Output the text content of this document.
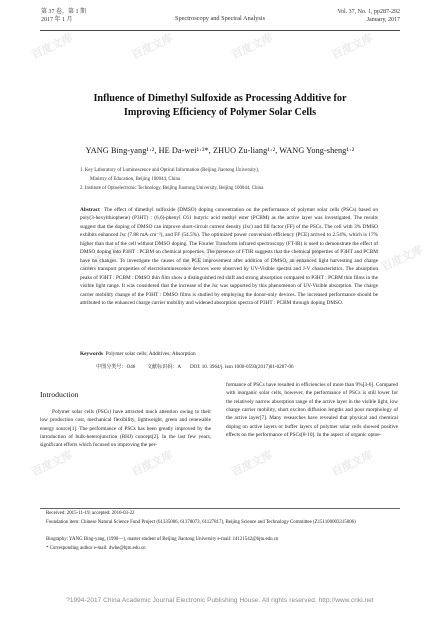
百度文库	百度文库	百度文库	百度文库
百度文库	百度文库	百度文库	百度文库
百度文库	百度文库	百度文库	百度文库
第 37 卷，第 1 期
2017 年 1 月	Spectroscopy and Spectral Analysis
Vol. 37, No. 1, pp287-292
January, 2017
Influence of Dimethyl Sulfoxide as Processing Additive for
Improving Efficiency of Polymer Solar Cells
YANG Bing-yang¹·², HE Da-wei¹·²*, ZHUO Zu-liang¹·², WANG Yong-sheng¹·²
1. Key Laboratory of Luminescence and Optical Information (Beijing Jiaotong University),
Ministry of Education, Beijing 100044, China
2. Institute of Optoelectronic Technology, Beijing Jiaotong University, Beijing 100044, China
Abstract The effect of dimethyl sulfoxide (DMSO) doping concentration on the performance of polymer solar cells (PSCs) based on poly(3-hexylthiophene) (P3HT) : (6,6)-phenyl C61 butyric acid methyl ester (PCBM) as the active layer was investigated. The results suggest that the doping of DMSO can improve short-circuit current density (Jsc) and fill factor (FF) of the PSCs. The cell with 3% DMSO exhibits enhanced Jsc (7.88 mA·cm⁻²), and FF (54.5%). The optimized power conversion efficiency (PCE) arrived to 2.54%, which is 17% higher than that of the cell without DMSO doping. The Fourier Transform infrared spectroscopy (FT-IR) is used to demonstrate the effect of DMSO doping into P3HT : PCBM on chemical properties. The presence of FTIR suggests that the chemical properties of P3HT and PCBM have no changes. To investigate the causes of the PCE improvement after addition of DMSO, an enhanced light harvesting and charge carriers transport properties of electroluminescence devices were observed by UV-Visible spectra and J-V characteristics. The absorption peaks of P3HT : PCBM : DMSO thin film show a distinguished red shift and strong absorption compared to P3HT : PCBM thin films in the visible light range. It was considered that the increase of the Jsc was supported by this phenomenon of UV-Visible absorption. The charge carrier mobility change of the P3HT : DMSO films is studied by employing the donor-only devices. The increased performance should be attributed to the enhanced charge carrier mobility and widened absorption spectra of P3HT : PCBM through doping DMSO.
Keywords Polymer solar cells; Additives; Absorption
中图分类号：O46 文献标识码：A DOI: 10. 3964/j. issn 1000-0593(2017)01-0287-06
Introduction
Polymer solar cells (PSCs) have attracted much attention owing to their low production cost, mechanical flexibility, lightweight, green and renewable energy source[1]. The performance of PSCs has been greatly improved by the introduction of bulk-heterojunction (BHJ) concept[2]. In the last few years, significant efforts which focused on improving the per-
formance of PSCs have resulted in efficiencies of more than 9%[3-6]. Compared with inorganic solar cells, however, the performance of PSCs is still lower for the relatively narrow absorption range of the active layer in the visible light, low charge carrier mobility, short exciton diffusion lengths and poor morphology of the active layer[7]. Many researches have revealed that physical and chemical doping on active layers or buffer layers of polymer solar cells showed positive effects on the performance of PSCs[8-10]. In the aspect of organic optoe-
Received: 2015-11-19; accepted: 2016-03-22
Foundation item: Chinese Natural Science Fund Project (61335006, 61378073, 61127817), Beijing Science and Technology Committee (Z151100003315006)
Biography: YANG Bing-yang, (1990—), master student of Beijing Jiaotong University e-mail: 14121542@bjtu.edu.cn
* Corresponding author e-mail: dwhe@bjtu.edu.cn
?1994-2017 China Academic Journal Electronic Publishing House. All rights reserved. http://www.cnki.net
